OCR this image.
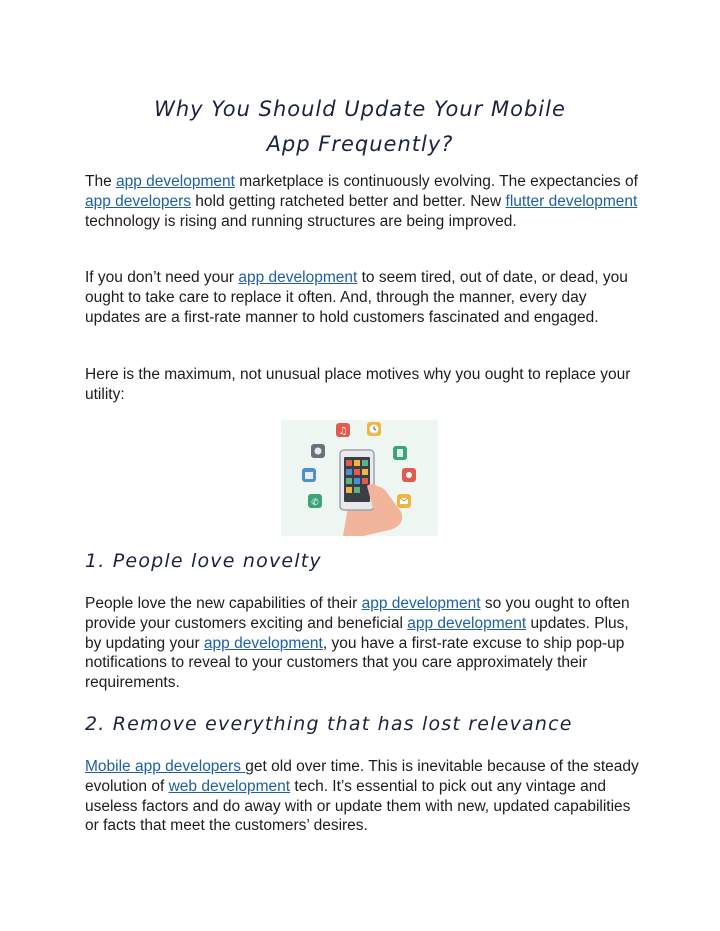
Why You Should Update Your Mobile
App Frequently?

The app development marketplace is continuously evolving. The expectancies of app developers hold getting ratcheted better and better. New flutter development technology is rising and running structures are being improved.

If you don’t need your app development to seem tired, out of date, or dead, you ought to take care to replace it often. And, through the manner, every day updates are a first-rate manner to hold customers fascinated and engaged.

Here is the maximum, not unusual place motives why you ought to replace your utility:

♫
✆
1. People love novelty

People love the new capabilities of their app development so you ought to often provide your customers exciting and beneficial app development updates. Plus, by updating your app development, you have a first-rate excuse to ship pop-up notifications to reveal to your customers that you care approximately their requirements.

2. Remove everything that has lost relevance

Mobile app developers get old over time. This is inevitable because of the steady evolution of web development tech. It’s essential to pick out any vintage and useless factors and do away with or update them with new, updated capabilities or facts that meet the customers’ desires.
